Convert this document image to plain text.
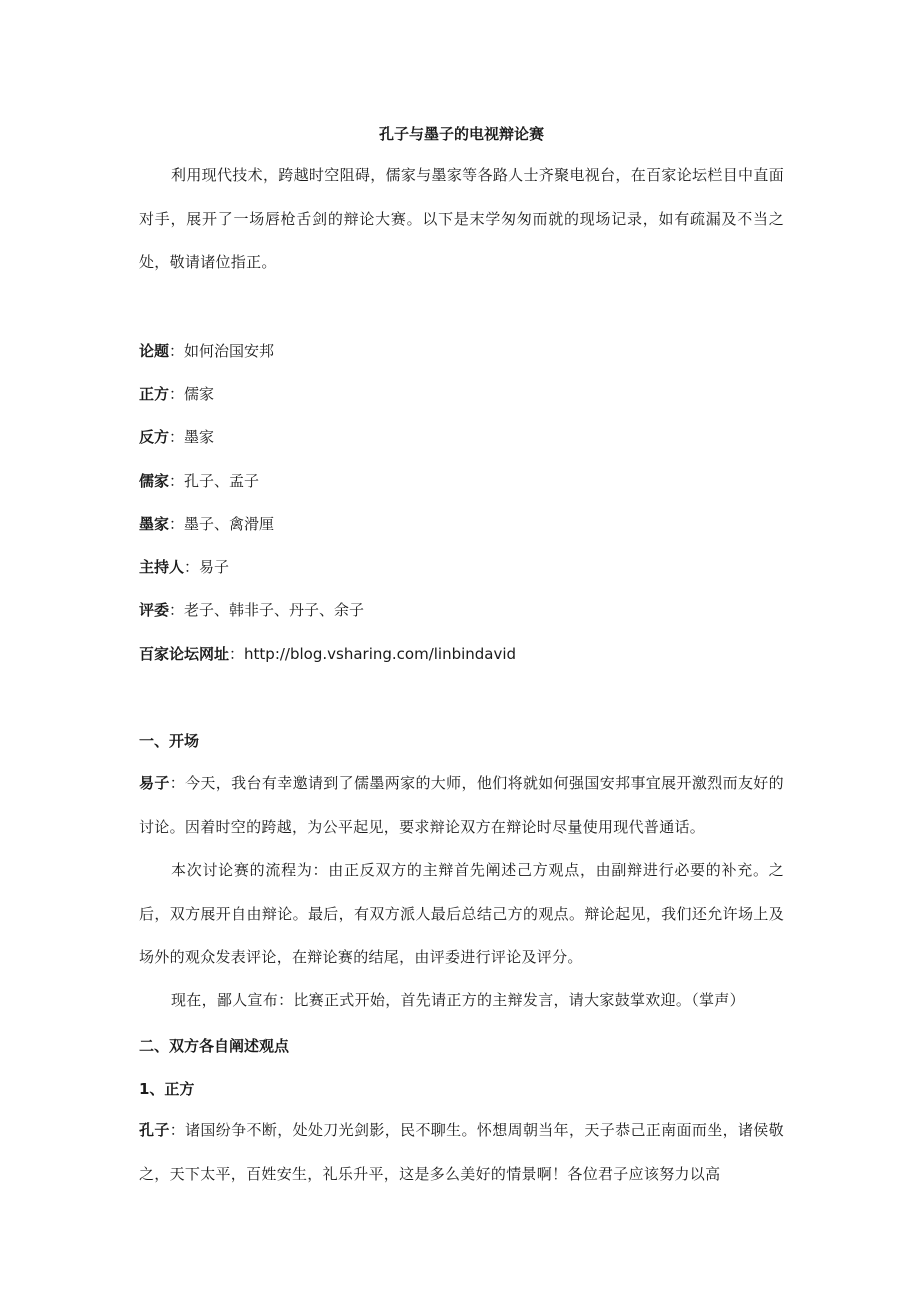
孔子与墨子的电视辩论赛
利用现代技术，跨越时空阻碍，儒家与墨家等各路人士齐聚电视台，在百家论坛栏目中直面对手，展开了一场唇枪舌剑的辩论大赛。以下是末学匆匆而就的现场记录，如有疏漏及不当之处，敬请诸位指正。
论题：如何治国安邦
正方：儒家
反方：墨家
儒家：孔子、孟子
墨家：墨子、禽滑厘
主持人：易子
评委：老子、韩非子、丹子、余子
百家论坛网址：http://blog.vsharing.com/linbindavid
一、开场
易子：今天，我台有幸邀请到了儒墨两家的大师，他们将就如何强国安邦事宜展开激烈而友好的讨论。因着时空的跨越，为公平起见，要求辩论双方在辩论时尽量使用现代普通话。
本次讨论赛的流程为：由正反双方的主辩首先阐述己方观点，由副辩进行必要的补充。之后，双方展开自由辩论。最后，有双方派人最后总结己方的观点。辩论起见，我们还允许场上及场外的观众发表评论，在辩论赛的结尾，由评委进行评论及评分。
现在，鄙人宣布：比赛正式开始，首先请正方的主辩发言，请大家鼓掌欢迎。（掌声）
二、双方各自阐述观点
1、正方
孔子：诸国纷争不断，处处刀光剑影，民不聊生。怀想周朝当年，天子恭己正南面而坐，诸侯敬之，天下太平，百姓安生，礼乐升平，这是多么美好的情景啊！各位君子应该努力以高
